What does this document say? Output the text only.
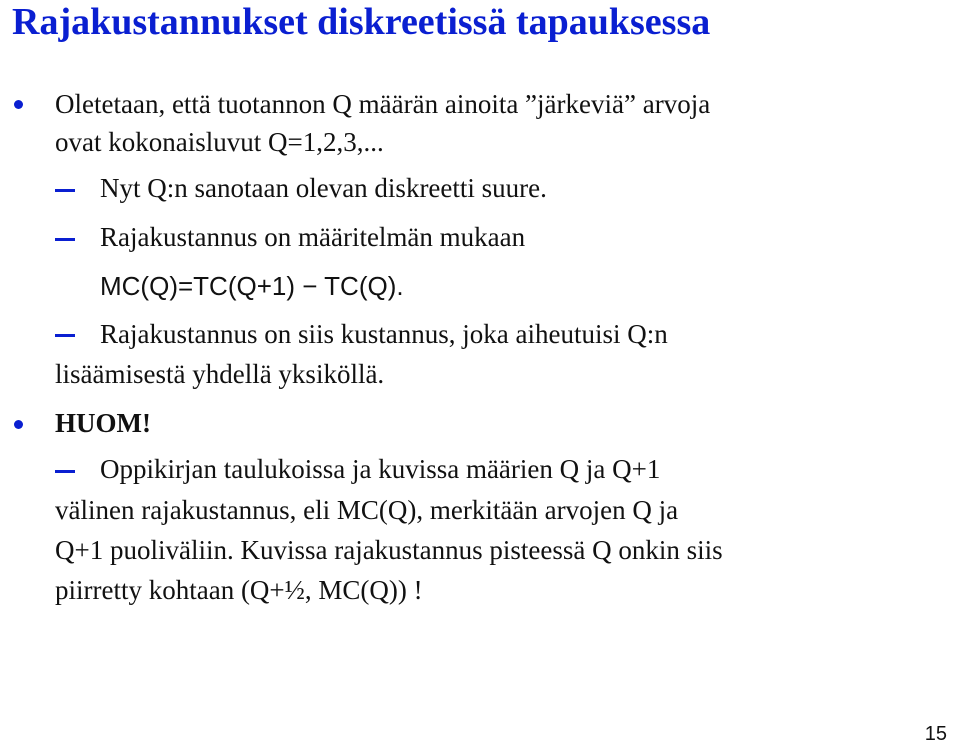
Rajakustannukset diskreetissä tapauksessa
Oletetaan, että tuotannon Q määrän ainoita ”järkeviä” arvoja
ovat kokonaisluvut Q=1,2,3,...
Nyt Q:n sanotaan olevan diskreetti suure.
Rajakustannus on määritelmän mukaan
MC(Q)=TC(Q+1) − TC(Q).
Rajakustannus on siis kustannus, joka aiheutuisi Q:n
lisäämisestä yhdellä yksiköllä.
HUOM!
Oppikirjan taulukoissa ja kuvissa määrien Q ja Q+1
välinen rajakustannus, eli MC(Q), merkitään arvojen Q ja
Q+1 puoliväliin. Kuvissa rajakustannus pisteessä Q onkin siis
piirretty kohtaan (Q+½, MC(Q)) !
15
